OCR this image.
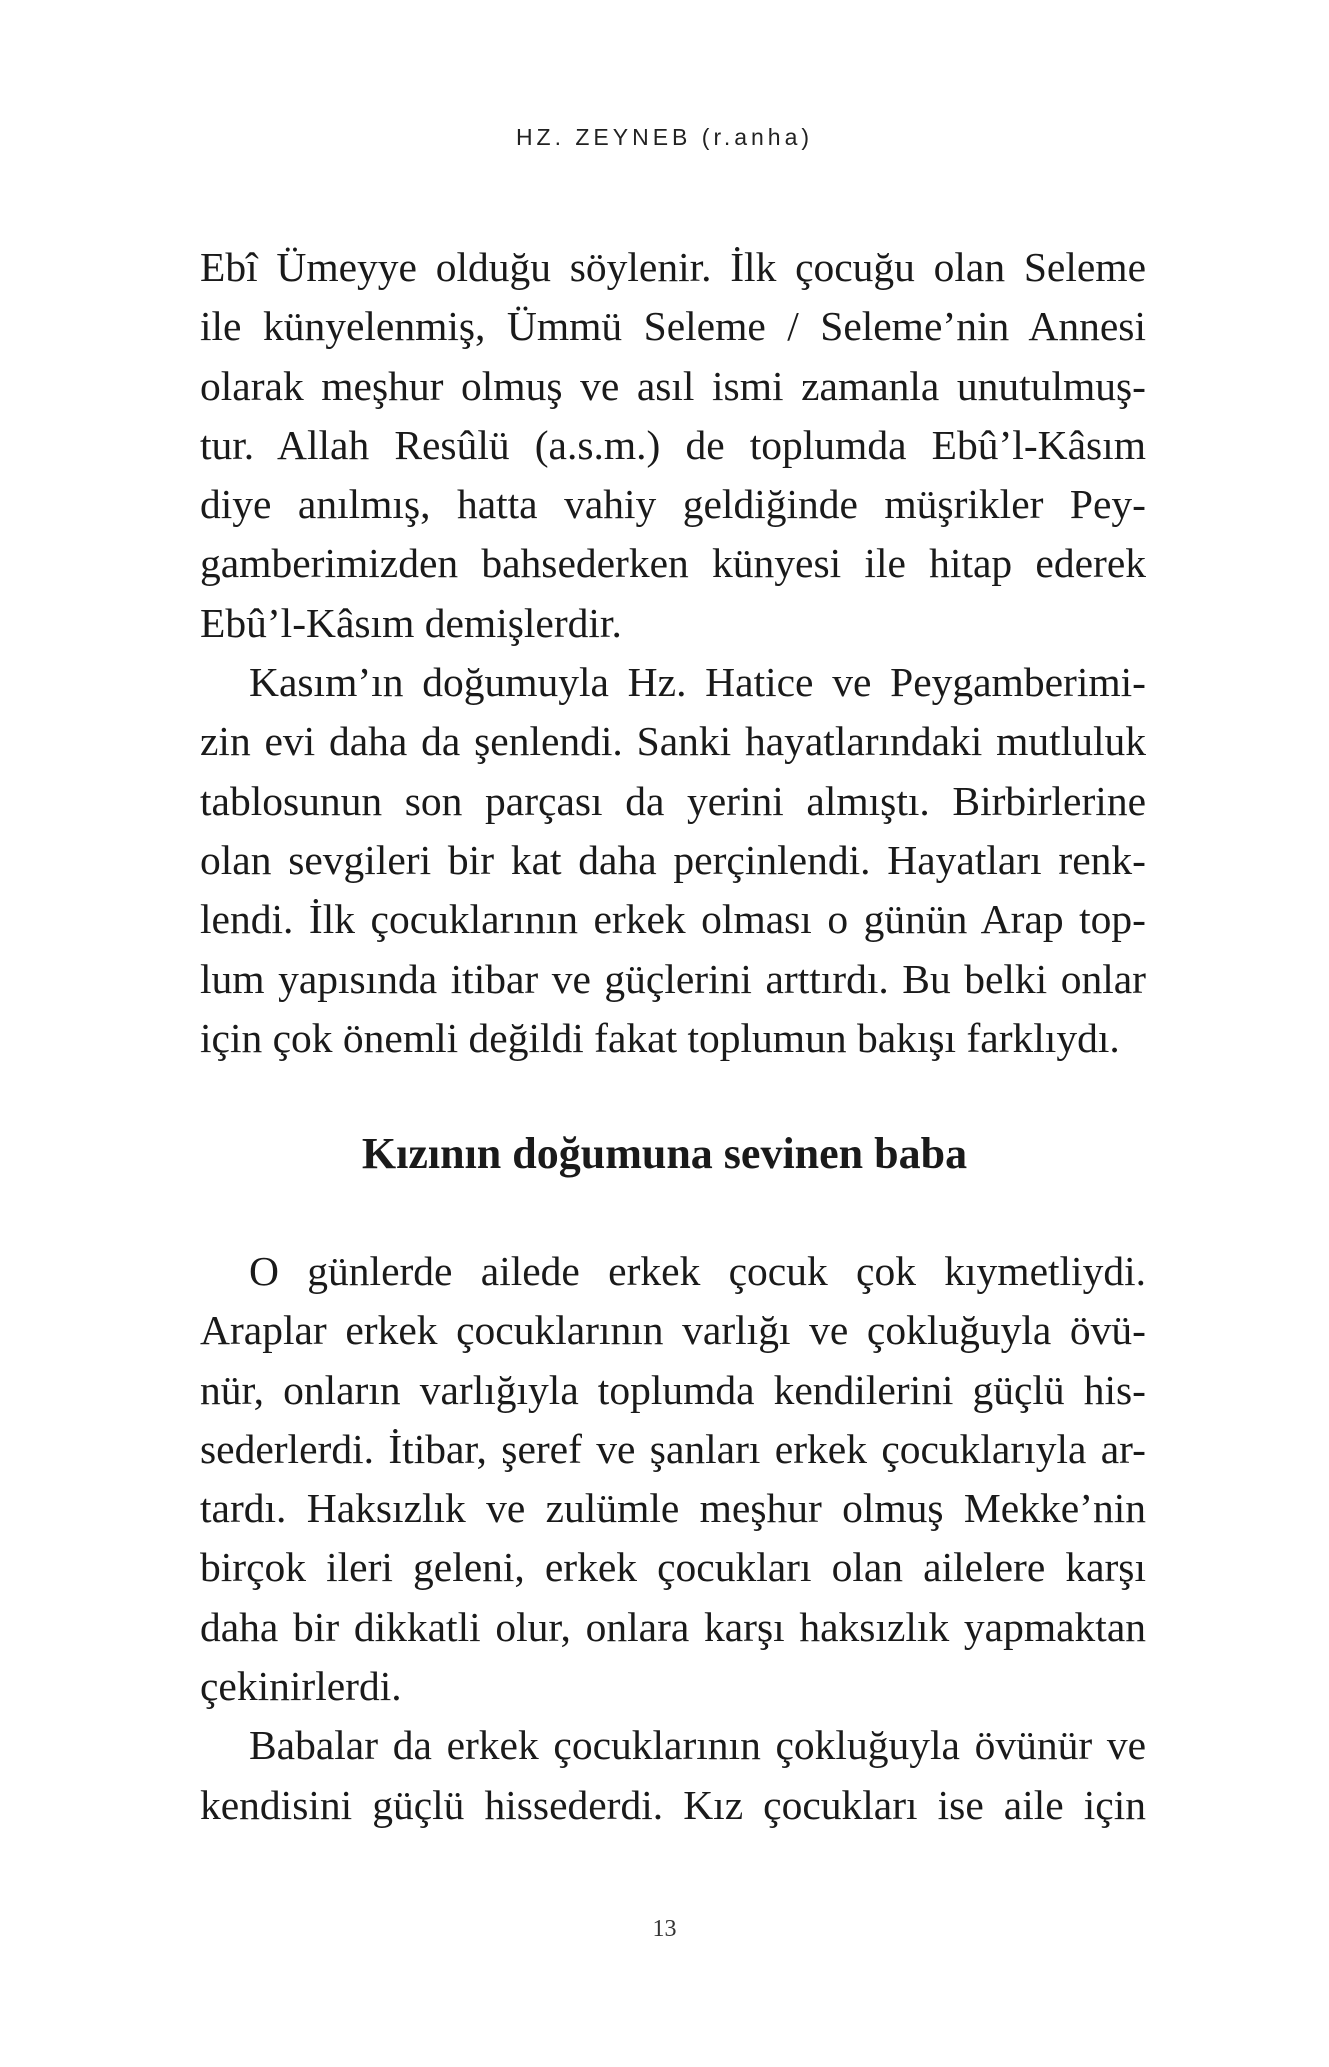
HZ. ZEYNEB (r.anha)
Ebî Ümeyye olduğu söylenir. İlk çocuğu olan Seleme
ile künyelenmiş, Ümmü Seleme / Seleme’nin Annesi
olarak meşhur olmuş ve asıl ismi zamanla unutulmuş-
tur. Allah Resûlü (a.s.m.) de toplumda Ebû’l-Kâsım
diye anılmış, hatta vahiy geldiğinde müşrikler Pey-
gamberimizden bahsederken künyesi ile hitap ederek
Ebû’l-Kâsım demişlerdir.
Kasım’ın doğumuyla Hz. Hatice ve Peygamberimi-
zin evi daha da şenlendi. Sanki hayatlarındaki mutluluk
tablosunun son parçası da yerini almıştı. Birbirlerine
olan sevgileri bir kat daha perçinlendi. Hayatları renk-
lendi. İlk çocuklarının erkek olması o günün Arap top-
lum yapısında itibar ve güçlerini arttırdı. Bu belki onlar
için çok önemli değildi fakat toplumun bakışı farklıydı.
Kızının doğumuna sevinen baba
O günlerde ailede erkek çocuk çok kıymetliydi.
Araplar erkek çocuklarının varlığı ve çokluğuyla övü-
nür, onların varlığıyla toplumda kendilerini güçlü his-
sederlerdi. İtibar, şeref ve şanları erkek çocuklarıyla ar-
tardı. Haksızlık ve zulümle meşhur olmuş Mekke’nin
birçok ileri geleni, erkek çocukları olan ailelere karşı
daha bir dikkatli olur, onlara karşı haksızlık yapmaktan
çekinirlerdi.
Babalar da erkek çocuklarının çokluğuyla övünür ve
kendisini güçlü hissederdi. Kız çocukları ise aile için
13
